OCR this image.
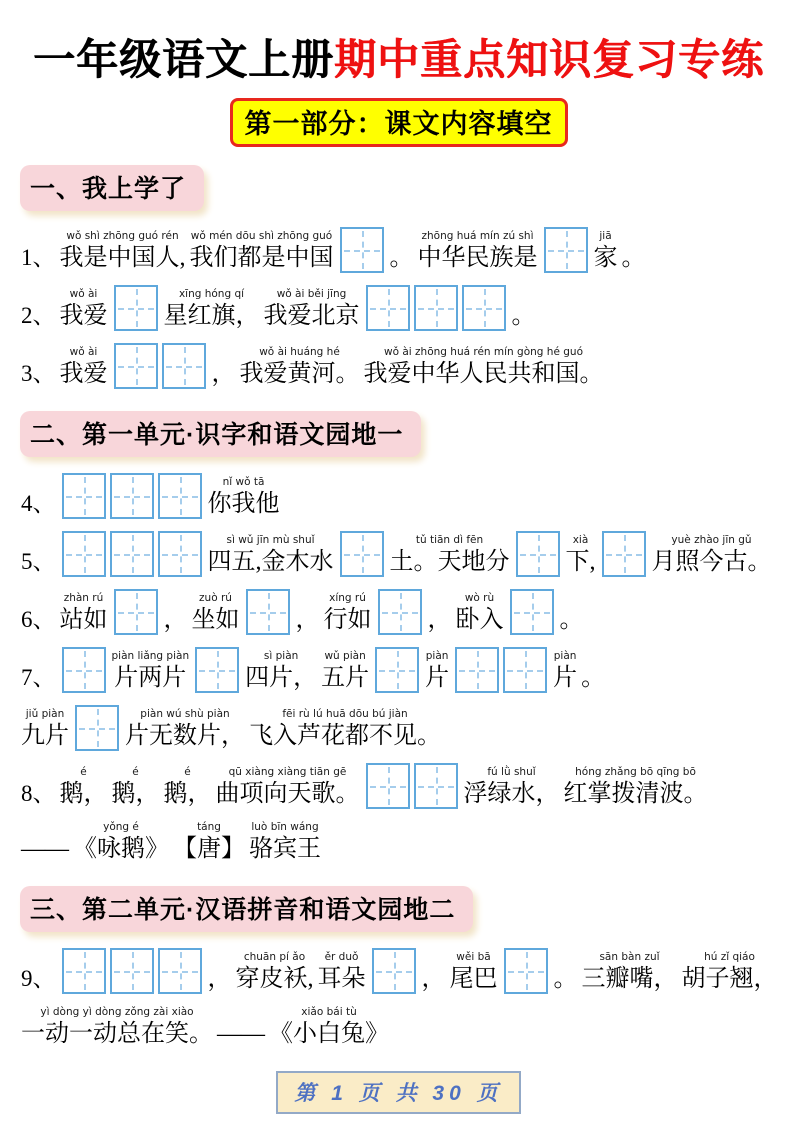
一年级语文上册期中重点知识复习专练
第一部分：课文内容填空
一、我上学了
1、
wǒ shì zhōng guó rén
我是中国人,
wǒ mén dōu shì zhōng guó
我们都是中国 。
zhōng huá mín zú shì
中华民族是
jiā
家 。
2、
wǒ ài
我爱
xīng hóng qí
星红旗，
wǒ ài běi jīng
我爱北京	。
3、
wǒ ài
我爱	，
wǒ ài huáng hé
我爱黄河。
wǒ ài zhōng huá rén mín gòng hé guó
我爱中华人民共和国。
二、第一单元·识字和语文园地一
4、
nǐ wǒ tā
你我他
5、
sì wǔ jīn mù shuǐ
四五,金木水
tǔ tiān dì fēn
土。天地分
xià
下,
yuè zhào jīn gǔ
月照今古。
6、
zhàn rú
站如 ，
zuò rú
坐如 ，
xíng rú
行如 ，
wò rù
卧入 。
7、
piàn liǎng piàn
片两片
sì piàn
四片，
wǔ piàn
五片
piàn
片
piàn
片 。
jiǔ piàn
九片
piàn wú shù piàn
片无数片，
fēi rù lú huā dōu bú jiàn
飞入芦花都不见。
8、
é
鹅，
é
鹅，
é
鹅，
qū xiàng xiàng tiān gē
曲项向天歌。
fú lǜ shuǐ
浮绿水，
hóng zhǎng bō qīng bō
红掌拨清波。
——
yǒng é
《咏鹅》
táng
【唐】
luò bīn wáng
骆宾王
三、第二单元·汉语拼音和语文园地二
9、	，
chuān pí ǎo
穿皮袄,
ěr duǒ
耳朵 ，
wěi bā
尾巴 。
sān bàn zuǐ
三瓣嘴，
hú zǐ qiáo
胡子翘，
yì dòng yì dòng zǒng zài xiào
一动一动总在笑。 ——
xiǎo bái tù
《小白兔》
第 1 页 共 30 页
